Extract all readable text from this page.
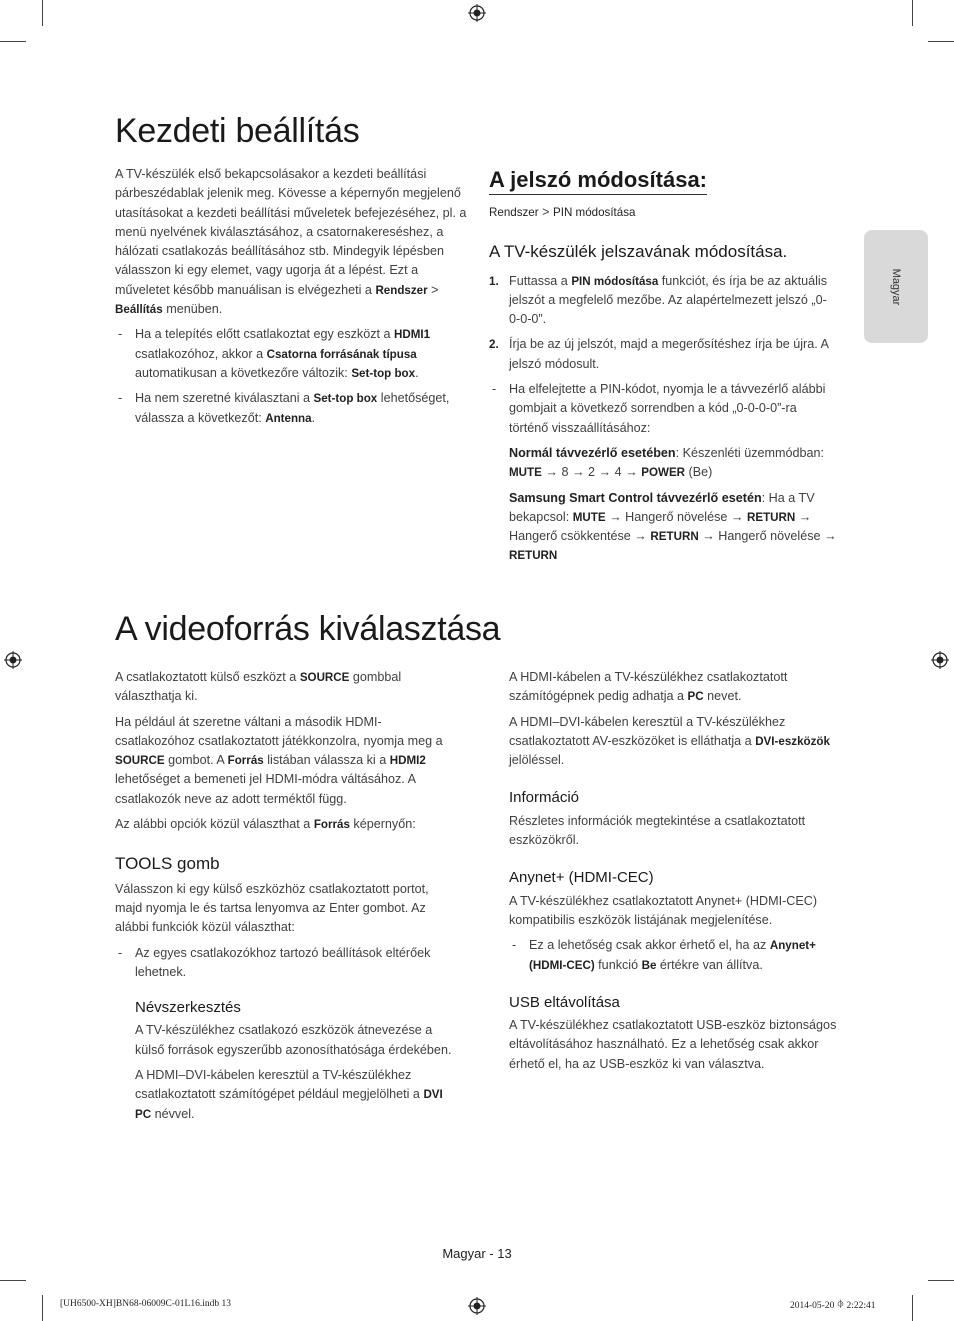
Magyar
Kezdeti beállítás

A TV-készülék első bekapcsolásakor a kezdeti beállítási párbeszédablak jelenik meg. Kövesse a képernyőn megjelenő utasításokat a kezdeti beállítási műveletek befejezéséhez, pl. a menü nyelvének kiválasztásához, a csatornakereséshez, a hálózati csatlakozás beállításához stb. Mindegyik lépésben válasszon ki egy elemet, vagy ugorja át a lépést. Ezt a műveletet később manuálisan is elvégezheti a Rendszer > Beállítás menüben.

- Ha a telepítés előtt csatlakoztat egy eszközt a HDMI1 csatlakozóhoz, akkor a Csatorna forrásának típusa automatikusan a következőre változik: Set-top box.

- Ha nem szeretné kiválasztani a Set-top box lehetőséget, válassza a következőt: Antenna.

A jelszó módosítása:

Rendszer > PIN módosítása

A TV-készülék jelszavának módosítása.

1. Futtassa a PIN módosítása funkciót, és írja be az aktuális jelszót a megfelelő mezőbe. Az alapértelmezett jelszó „0-0-0-0”.

2. Írja be az új jelszót, majd a megerősítéshez írja be újra. A jelszó módosult.

- Ha elfelejtette a PIN-kódot, nyomja le a távvezérlő alábbi gombjait a következő sorrendben a kód „0-0-0-0”-ra történő visszaállításához:

Normál távvezérlő esetében: Készenléti üzemmódban: MUTE → 8 → 2 → 4 → POWER (Be)

Samsung Smart Control távvezérlő esetén: Ha a TV bekapcsol: MUTE → Hangerő növelése → RETURN → Hangerő csökkentése → RETURN → Hangerő növelése → RETURN

A videoforrás kiválasztása

A csatlakoztatott külső eszközt a SOURCE gombbal választhatja ki.

Ha például át szeretne váltani a második HDMI-csatlakozóhoz csatlakoztatott játékkonzolra, nyomja meg a SOURCE gombot. A Forrás listában válassza ki a HDMI2 lehetőséget a bemeneti jel HDMI-módra váltásához. A csatlakozók neve az adott terméktől függ.

Az alábbi opciók közül választhat a Forrás képernyőn:

TOOLS gomb

Válasszon ki egy külső eszközhöz csatlakoztatott portot, majd nyomja le és tartsa lenyomva az Enter gombot. Az alábbi funkciók közül választhat:

- Az egyes csatlakozókhoz tartozó beállítások eltérőek lehetnek.

Névszerkesztés

A TV-készülékhez csatlakozó eszközök átnevezése a külső források egyszerűbb azonosíthatósága érdekében.

A HDMI–DVI-kábelen keresztül a TV-készülékhez csatlakoztatott számítógépet például megjelölheti a DVI PC névvel.

A HDMI-kábelen a TV-készülékhez csatlakoztatott számítógépnek pedig adhatja a PC nevet.

A HDMI–DVI-kábelen keresztül a TV-készülékhez csatlakoztatott AV-eszközöket is elláthatja a DVI-eszközök jelöléssel.

Információ

Részletes információk megtekintése a csatlakoztatott eszközökről.

Anynet+ (HDMI-CEC)

A TV-készülékhez csatlakoztatott Anynet+ (HDMI-CEC) kompatibilis eszközök listájának megjelenítése.

- Ez a lehetőség csak akkor érhető el, ha az Anynet+ (HDMI-CEC) funkció Be értékre van állítva.

USB eltávolítása

A TV-készülékhez csatlakoztatott USB-eszköz biztonságos eltávolításához használható. Ez a lehetőség csak akkor érhető el, ha az USB-eszköz ki van választva.

Magyar - 13
[UH6500-XH]BN68-06009C-01L16.indb 13	2014-05-20 ꂈ 2:22:41
